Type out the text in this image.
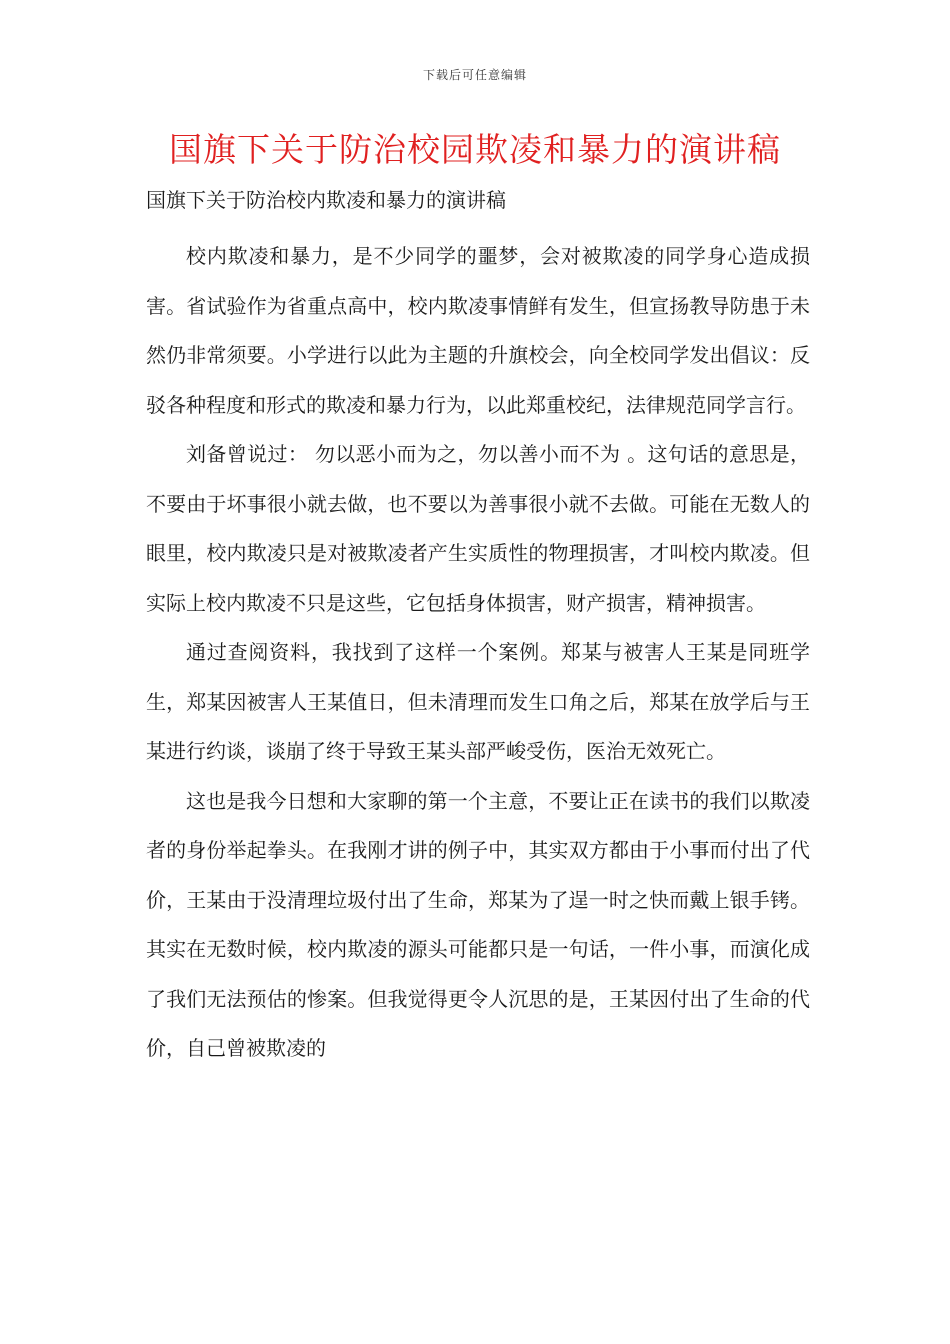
下载后可任意编辑
国旗下关于防治校园欺凌和暴力的演讲稿

国旗下关于防治校内欺凌和暴力的演讲稿

校内欺凌和暴力，是不少同学的噩梦，会对被欺凌的同学身心造成损害。省试验作为省重点高中，校内欺凌事情鲜有发生，但宣扬教导防患于未然仍非常须要。小学进行以此为主题的升旗校会，向全校同学发出倡议：反驳各种程度和形式的欺凌和暴力行为，以此郑重校纪，法律规范同学言行。

刘备曾说过： 勿以恶小而为之，勿以善小而不为 。这句话的意思是，不要由于坏事很小就去做，也不要以为善事很小就不去做。可能在无数人的眼里，校内欺凌只是对被欺凌者产生实质性的物理损害，才叫校内欺凌。但实际上校内欺凌不只是这些，它包括身体损害，财产损害，精神损害。

通过查阅资料，我找到了这样一个案例。郑某与被害人王某是同班学生，郑某因被害人王某值日，但未清理而发生口角之后，郑某在放学后与王某进行约谈，谈崩了终于导致王某头部严峻受伤，医治无效死亡。

这也是我今日想和大家聊的第一个主意，不要让正在读书的我们以欺凌者的身份举起拳头。在我刚才讲的例子中，其实双方都由于小事而付出了代价，王某由于没清理垃圾付出了生命，郑某为了逞一时之快而戴上银手铐。其实在无数时候，校内欺凌的源头可能都只是一句话，一件小事，而演化成了我们无法预估的惨案。但我觉得更令人沉思的是，王某因付出了生命的代价，自己曾被欺凌的
